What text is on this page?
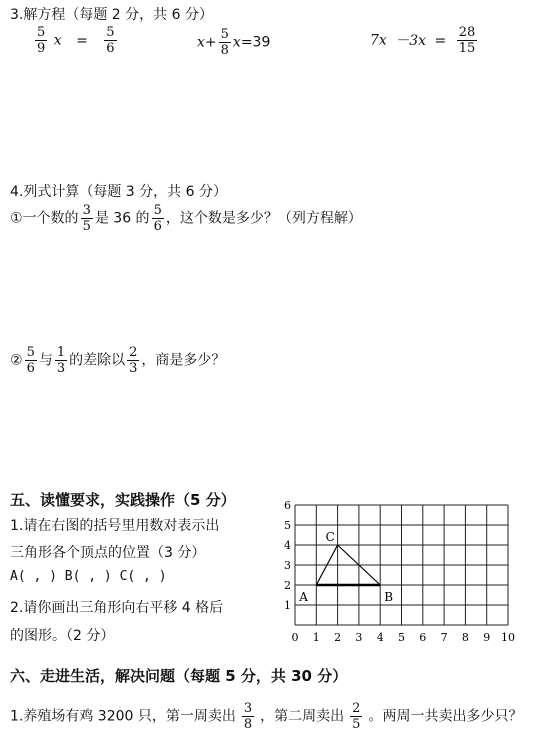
3.解方程（每题 2 分，共 6 分）
$\frac{5}{9}$ $x = \frac{5}{6}$	$x+ \frac{5}{8} x=39$	$7x -3x = \frac{28}{15}$
4.列式计算（每题 3 分，共 6 分）
①一个数的 $\frac{3}{5}$ 是 36 的 $\frac{5}{6}$ ，这个数是多少？（列方程解）
② $\frac{5}{6}$ 与 $\frac{1}{3}$ 的差除以 $\frac{2}{3}$ ，商是多少？
五、读懂要求，实践操作（5 分）
1.请在右图的括号里用数对表示出
三角形各个顶点的位置（3 分）
A( , ) B( , ) C( , )
2.请你画出三角形向右平移 4 格后
的图形。（2 分）	0 1 2 3 4 5 6 7 8 9 10
1
2
3
4
5
6
A	B
C
六、走进生活，解决问题（每题 5 分，共 30 分）
1.养殖场有鸡 3200 只，第一周卖出 $\frac{3}{8}$ ，第二周卖出 $\frac{2}{5}$ 。两周一共卖出多少只？
